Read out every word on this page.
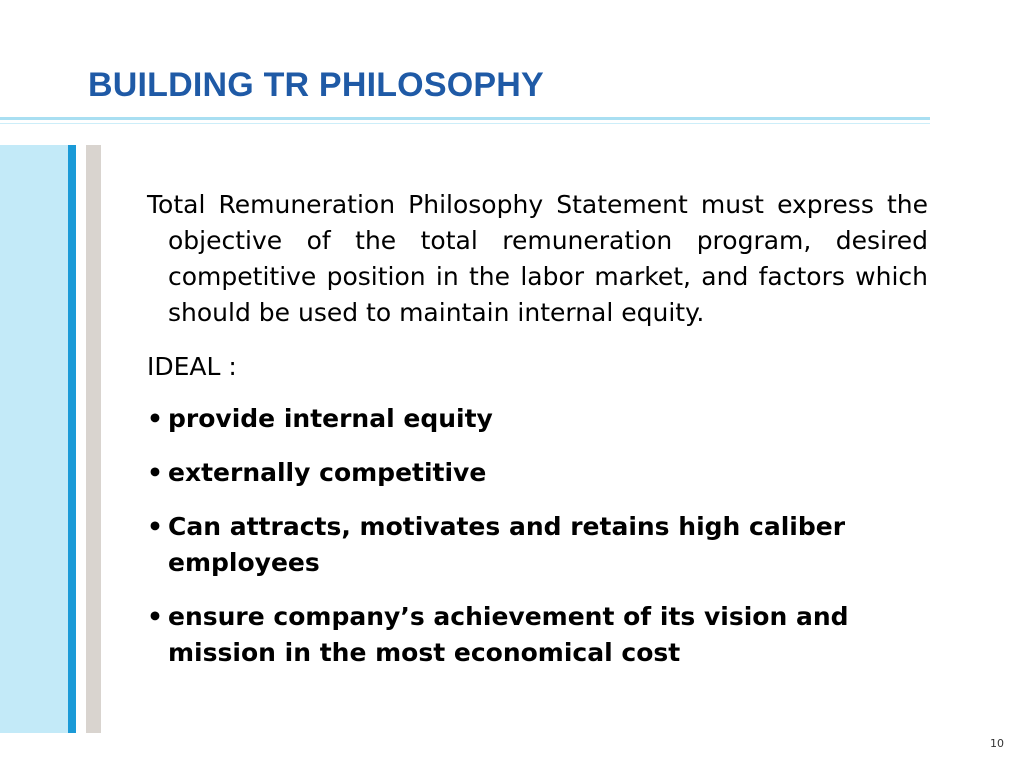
BUILDING TR PHILOSOPHY

Total Remuneration Philosophy Statement must express the objective of the total remuneration program, desired competitive position in the labor market, and factors which should be used to maintain internal equity.

IDEAL :

• provide internal equity
• externally competitive
• Can attracts, motivates and retains high caliber employees
• ensure company’s achievement of its vision and mission in the most economical cost
10
